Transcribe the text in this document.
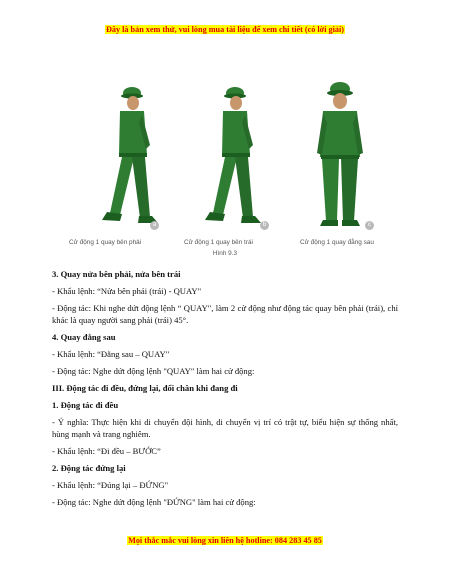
Đây là bản xem thử, vui lòng mua tài liệu để xem chi tiết (có lời giải)
a	b	c
Cử động 1 quay bên phải	Cử động 1 quay bên trái	Cử động 1 quay đằng sau
Hình 9.3

3. Quay nửa bên phải, nửa bên trái

- Khẩu lệnh: “Nửa bên phải (trái) - QUAY"

- Động tác: Khi nghe dứt động lệnh “ QUAY", làm 2 cử động như động tác quay bên phải (trái), chỉ khác là quay người sang phải (trái) 45°.

4. Quay đằng sau

- Khẩu lệnh: “Đằng sau – QUAY"

- Động tác: Nghe dứt động lệnh "QUAY" làm hai cử động:

III. Động tác đi đều, đứng lại, đổi chân khi đang đi

1. Động tác đi đều

- Ý nghĩa: Thực hiện khi di chuyển đội hình, di chuyển vị trí có trật tự, biểu hiện sự thống nhất, hùng mạnh và trang nghiêm.

- Khẩu lệnh: “Đi đều – BƯỚC”

2. Động tác đứng lại

- Khẩu lệnh: “Đúng lại – ĐỨNG"

- Động tác: Nghe dứt động lệnh "ĐỨNG" làm hai cử động:

Mọi thắc mắc vui lòng xin liên hệ hotline: 084 283 45 85
